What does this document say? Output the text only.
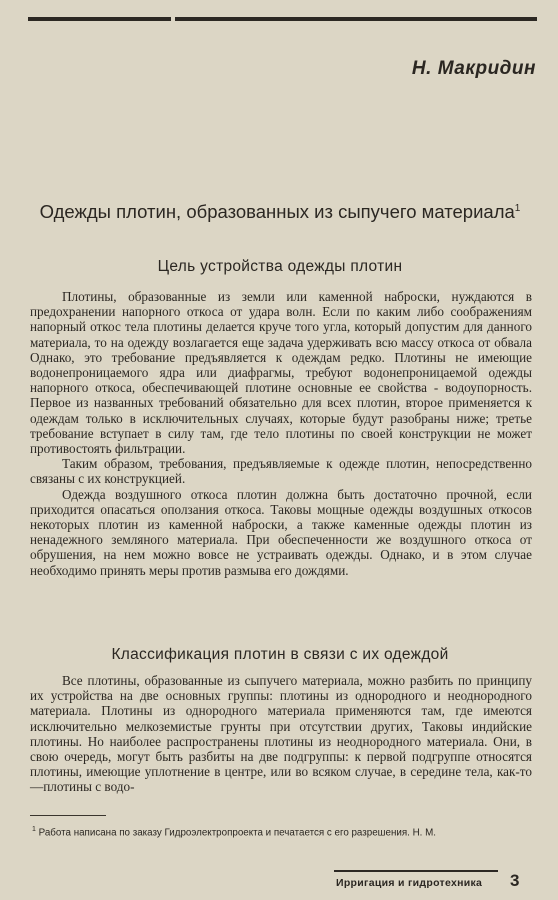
Н. Макридин
Одежды плотин, образованных из сыпучего материала$^1$
Цель устройства одежды плотин

Плотины, образованные из земли или каменной наброски, нуждаются в предохранении напорного откоса от удара волн. Если по каким либо соображениям напорный откос тела плотины делается круче того угла, который допустим для данного материала, то на одежду возлагается еще задача удерживать всю массу откоса от обвала Однако, это требование предъявляется к одеждам редко. Плотины не имеющие водонепроницаемого ядра или диафрагмы, требуют водонепроницаемой одежды напорного откоса, обеспечивающей плотине основные ее свойства - водоупорность. Первое из названных требований обязательно для всех плотин, второе применяется к одеждам только в исключительных случаях, которые будут разобраны ниже; третье требование вступает в силу там, где тело плотины по своей конструкции не может противостоять фильтрации.

Таким образом, требования, предъявляемые к одежде плотин, непосредственно связаны с их конструкцией.

Одежда воздушного откоса плотин должна быть достаточно прочной, если приходится опасаться оползания откоса. Таковы мощные одежды воздушных откосов некоторых плотин из каменной наброски, а также каменные одежды плотин из ненадежного земляного материала. При обеспеченности же воздушного откоса от обрушения, на нем можно вовсе не устраивать одежды. Однако, и в этом случае необходимо принять меры против размыва его дождями.

Классификация плотин в связи с их одеждой

Все плотины, образованные из сыпучего материала, можно разбить по принципу их устройства на две основных группы: плотины из однородного и неоднородного материала. Плотины из однородного материала применяются там, где имеются исключительно мелкоземистые грунты при отсутствии других, Таковы индийские плотины. Но наиболее распространены плотины из неоднородного материала. Они, в свою очередь, могут быть разбиты на две подгруппы: к первой подгруппе относятся плотины, имеющие уплотнение в центре, или во всяком случае, в середине тела, как-то—плотины с водо-

$^1$ Работа написана по заказу Гидроэлектропроекта и печатается с его разрешения. Н. М.
Ирригация и гидротехника 3
